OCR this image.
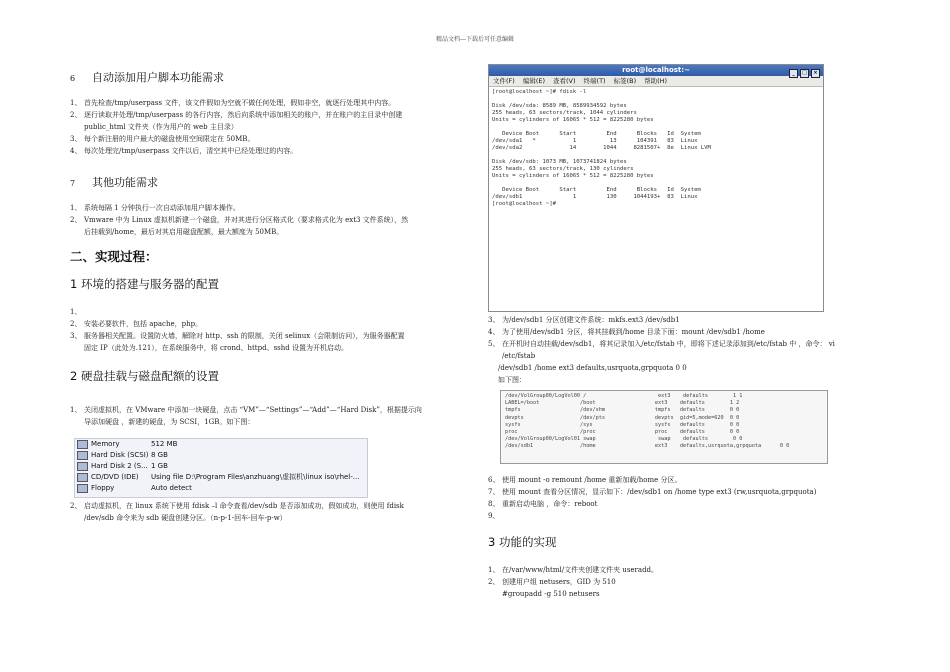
精品文档---下载后可任意编辑
6 自动添加用户脚本功能需求
1、 首先检查/tmp/userpass 文件，该文件假如为空就不做任何处理，假如非空，就逐行处理其中内容。
2、 逐行读取并处理/tmp/userpass 的各行内容，然后向系统中添加相关的账户，并在账户的主目录中创建
public_html 文件夹（作为用户的 web 主目录）
3、 每个新注册的用户最大的磁盘使用空间限定在 50MB。
4、 每次处理完/tmp/userpass 文件以后，清空其中已经处理过的内容。
7 其他功能需求
1、 系统每隔 1 分钟执行一次自动添加用户脚本操作。
2、 Vmware 中为 Linux 虚拟机新建一个磁盘，并对其进行分区格式化（要求格式化为 ext3 文件系统），然
后挂载到/home，最后对其启用磁盘配额，最大额度为 50MB。
二、实现过程：
1 环境的搭建与服务器的配置
1、
2、 安装必要软件，包括 apache，php。
3、 服务器相关配置。设置防火墙，解除对 http、ssh 的限制，关闭 selinux（会限制访问），为服务器配置
固定 IP（此处为.121），在系统服务中，将 crond、httpd、sshd 设置为开机启动。
2 硬盘挂载与磁盘配额的设置
1、 关闭虚拟机，在 VMware 中添加一块硬盘，点击 “VM”—“Settings”—“Add”—“Hard Disk”，根据提示向
导添加硬盘 ，新建的硬盘，为 SCSI，1GB。如下图：
Memory	512 MB
Hard Disk (SCSI) 8 GB
Hard Disk 2 (S... 1 GB
CD/DVD (IDE) Using file D:\Program Files\anzhuang\虚拟机\linux iso\rhel-...
Floppy	Auto detect
2、 启动虚拟机，在 linux 系统下使用 fdisk –l 命令查看/dev/sdb 是否添加成功，假如成功，则使用 fdisk
/dev/sdb 命令来为 sdb 硬盘创建分区。（n-p-1-回车-回车-p-w）
root@localhost:~	_ □ ×
文件(F) 编辑(E) 查看(V) 终端(T) 标签(B) 帮助(H)
[root@localhost ~]# fdisk -l

Disk /dev/sda: 8589 MB, 8589934592 bytes
255 heads, 63 sectors/track, 1044 cylinders
Units = cylinders of 16065 * 512 = 8225280 bytes

Device Boot      Start         End      Blocks   Id  System
/dev/sda1   *           1          13      104391   83  Linux
/dev/sda2              14        1044     8281507+  8e  Linux LVM

Disk /dev/sdb: 1073 MB, 1073741824 bytes
255 heads, 63 sectors/track, 130 cylinders
Units = cylinders of 16065 * 512 = 8225280 bytes

Device Boot      Start         End      Blocks   Id  System
/dev/sdb1               1         130     1044193+  83  Linux
[root@localhost ~]#
3、 为/dev/sdb1 分区创建文件系统：mkfs.ext3 /dev/sdb1
4、 为了使用/dev/sdb1 分区，将其挂载到/home 目录下面：mount /dev/sdb1 /home
5、 在开机时自动挂载/dev/sdb1，将其记录加入/etc/fstab 中，即将下述记录添加到/etc/fstab 中 ，命令： vi
/etc/fstab
/dev/sdb1 /home ext3 defaults,usrquota,grpquota 0 0
如下图：
/dev/VolGroup00/LogVol00 /                       ext3    defaults        1 1
LABEL=/boot             /boot                   ext3    defaults        1 2
tmpfs                   /dev/shm                tmpfs   defaults        0 0
devpts                  /dev/pts                devpts  gid=5,mode=620  0 0
sysfs                   /sys                    sysfs   defaults        0 0
proc                    /proc                   proc    defaults        0 0
/dev/VolGroup00/LogVol01 swap                    swap    defaults        0 0
/dev/sdb1               /home                   ext3    defaults,usrquota,grpquota      0 0
6、 使用 mount -o remount /home 重新加载/home 分区。
7、 使用 mount 查看分区情况，显示如下：/dev/sdb1 on /home type ext3 (rw,usrquota,grpquota)
8、 重新启动电脑 ，命令：reboot
9、
3 功能的实现
1、 在/var/www/html/文件夹创建文件夹 useradd。
2、 创建用户组 netusers，GID 为 510
#groupadd -g 510 netusers
